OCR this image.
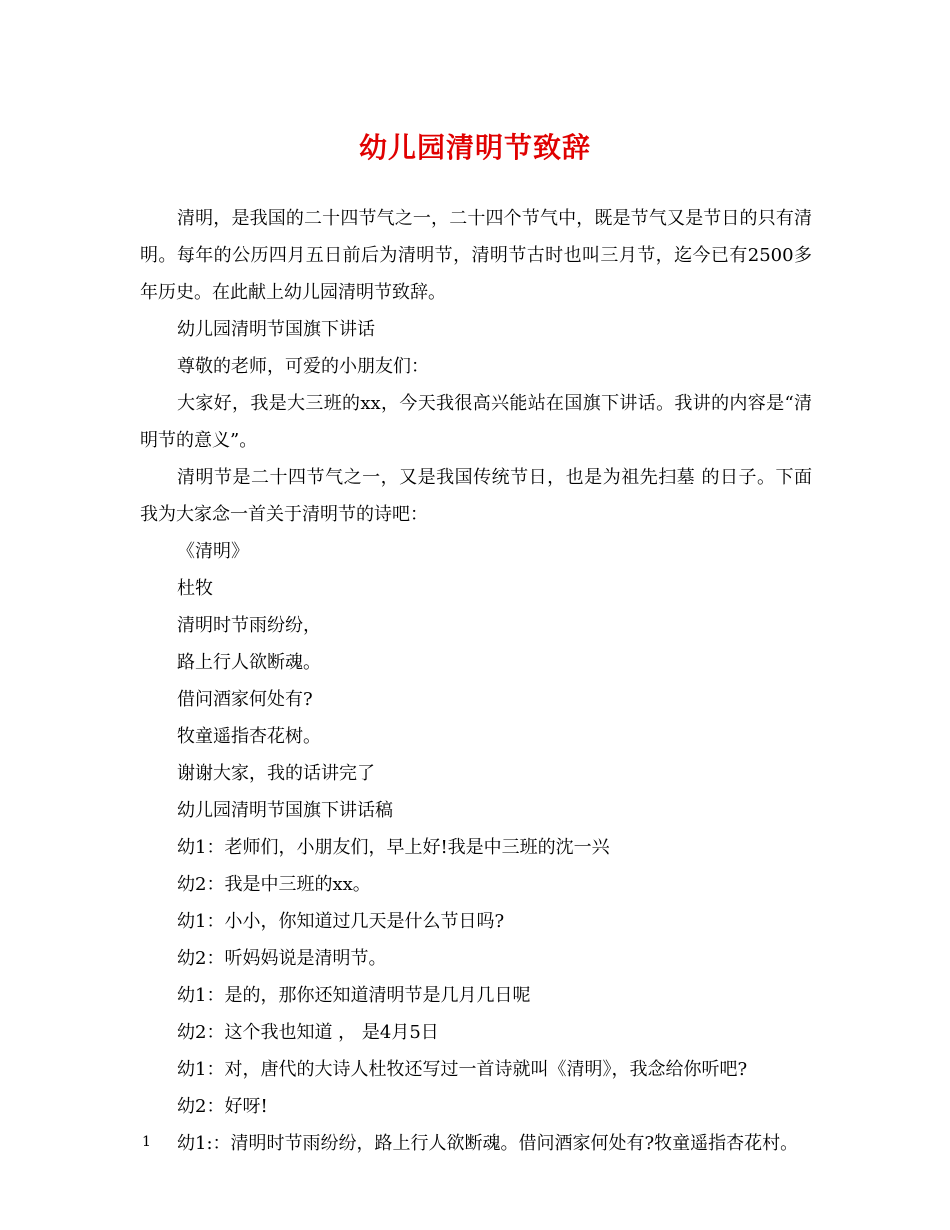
幼儿园清明节致辞

清明，是我国的二十四节气之一，二十四个节气中，既是节气又是节日的只有清明。每年的公历四月五日前后为清明节，清明节古时也叫三月节，迄今已有2500多年历史。在此献上幼儿园清明节致辞。

幼儿园清明节国旗下讲话

尊敬的老师，可爱的小朋友们：

大家好，我是大三班的xx，今天我很高兴能站在国旗下讲话。我讲的内容是“清明节的意义”。

清明节是二十四节气之一，又是我国传统节日，也是为祖先扫墓 的日子。下面我为大家念一首关于清明节的诗吧：

《清明》

杜牧

清明时节雨纷纷，

路上行人欲断魂。

借问酒家何处有?

牧童遥指杏花树。

谢谢大家，我的话讲完了

幼儿园清明节国旗下讲话稿

幼1：老师们，小朋友们，早上好!我是中三班的沈一兴

幼2：我是中三班的xx。

幼1：小小，你知道过几天是什么节日吗?

幼2：听妈妈说是清明节。

幼1：是的，那你还知道清明节是几月几日呢

幼2：这个我也知道 ， 是4月5日

幼1：对，唐代的大诗人杜牧还写过一首诗就叫《清明》，我念给你听吧?

幼2：好呀!

幼1:：清明时节雨纷纷，路上行人欲断魂。借问酒家何处有?牧童遥指杏花村。

1
